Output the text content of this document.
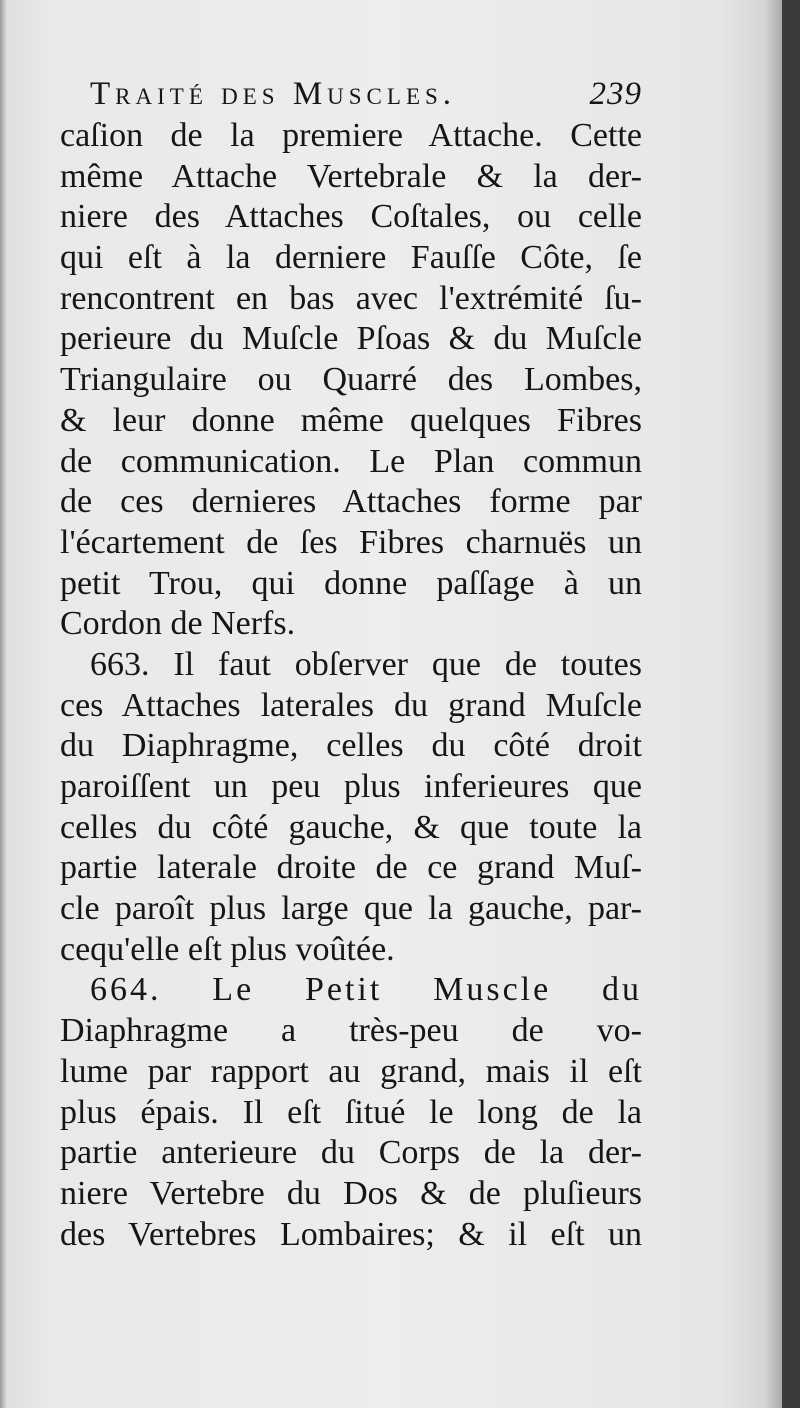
Traité des Muscles.	239
caſion de la premiere Attache. Cette
même Attache Vertebrale & la der-
niere des Attaches Coſtales, ou celle
qui eſt à la derniere Fauſſe Côte, ſe
rencontrent en bas avec l'extrémité ſu-
perieure du Muſcle Pſoas & du Muſcle
Triangulaire ou Quarré des Lombes,
& leur donne même quelques Fibres
de communication. Le Plan commun
de ces dernieres Attaches forme par
l'écartement de ſes Fibres charnuës un
petit Trou, qui donne paſſage à un
Cordon de Nerfs.
663. Il faut obſerver que de toutes
ces Attaches laterales du grand Muſcle
du Diaphragme, celles du côté droit
paroiſſent un peu plus inferieures que
celles du côté gauche, & que toute la
partie laterale droite de ce grand Muſ-
cle paroît plus large que la gauche, par-
cequ'elle eſt plus voûtée.
664. Le Petit Muscle du
Diaphragme a très-peu de vo-
lume par rapport au grand, mais il eſt
plus épais. Il eſt ſitué le long de la
partie anterieure du Corps de la der-
niere Vertebre du Dos & de pluſieurs
des Vertebres Lombaires; & il eſt un
